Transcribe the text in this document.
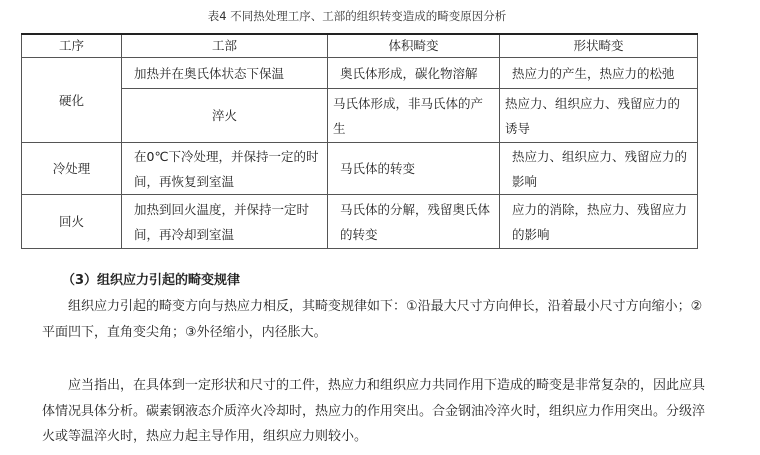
表4 不同热处理工序、工部的组织转变造成的畸变原因分析
工序	工部	体积畸变	形状畸变
硬化	加热并在奥氏体状态下保温	奥氏体形成，碳化物溶解	热应力的产生，热应力的松弛
	淬火	马氏体形成，非马氏体的产生	热应力、组织应力、残留应力的诱导
冷处理	在0℃下冷处理，并保持一定的时间，再恢复到室温	马氏体的转变	热应力、组织应力、残留应力的影响
回火	加热到回火温度，并保持一定时间，再冷却到室温	马氏体的分解，残留奥氏体的转变	应力的消除，热应力、残留应力的影响
（3）组织应力引起的畸变规律

组织应力引起的畸变方向与热应力相反，其畸变规律如下：①沿最大尺寸方向伸长，沿着最小尺寸方向缩小；②平面凹下，直角变尖角；③外径缩小，内径胀大。

应当指出，在具体到一定形状和尺寸的工件，热应力和组织应力共同作用下造成的畸变是非常复杂的，因此应具体情况具体分析。碳素钢液态介质淬火冷却时，热应力的作用突出。合金钢油冷淬火时，组织应力作用突出。分级淬火或等温淬火时，热应力起主导作用，组织应力则较小。
